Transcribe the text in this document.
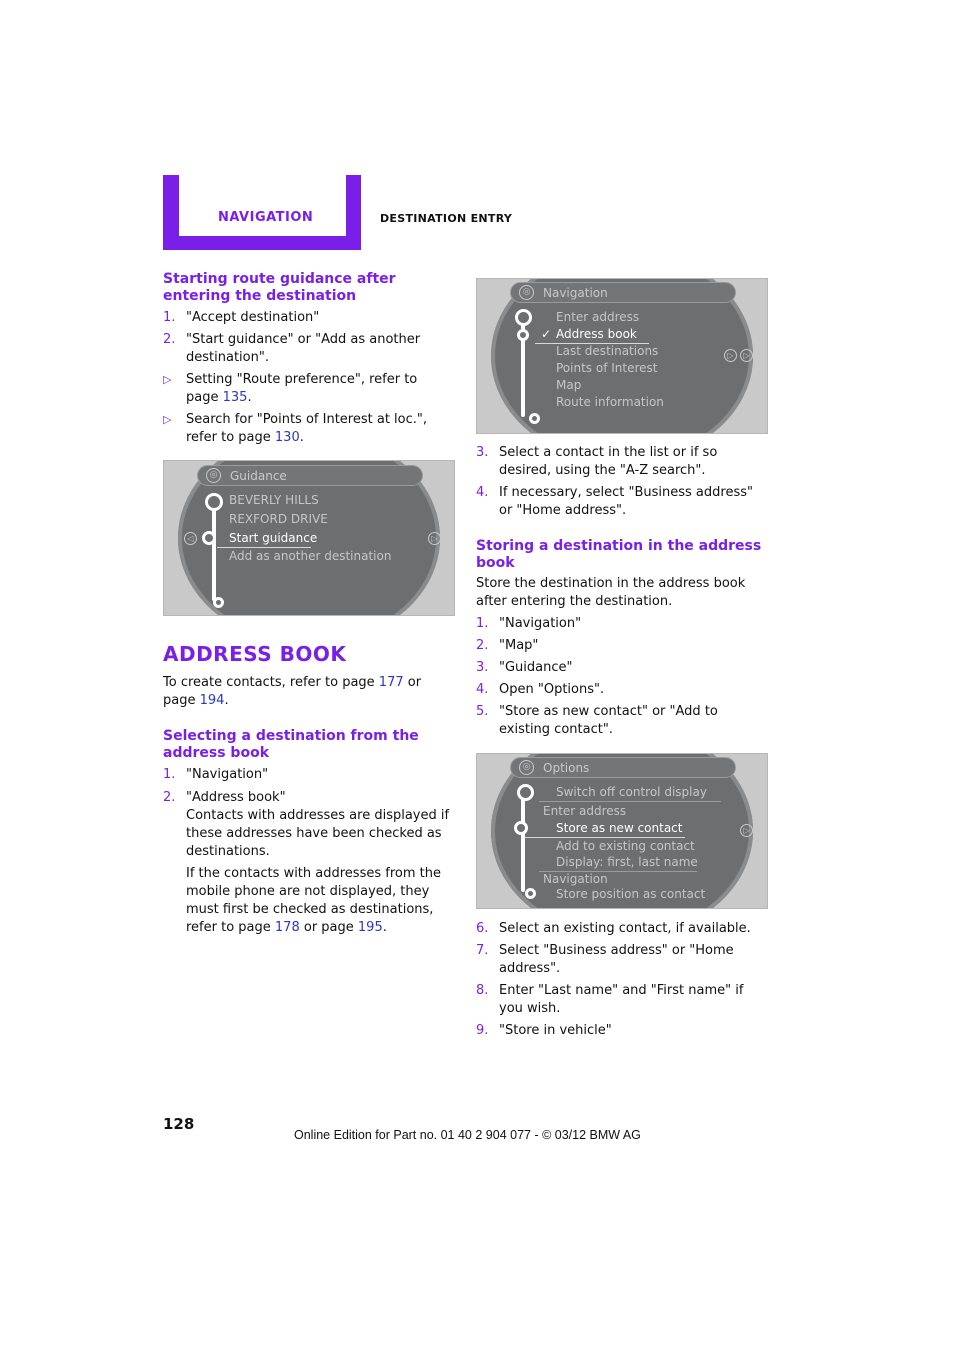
NAVIGATION	DESTINATION ENTRY
Starting route guidance after entering the destination
1. "Accept destination"
2. "Start guidance" or "Add as another destination".
▷ Setting "Route preference", refer to page 135.
▷ Search for "Points of Interest at loc.", refer to page 130.
◎ Guidance
BEVERLY HILLS
REXFORD DRIVE
Start guidance
Add as another destination
◁	▷
ADDRESS BOOK

To create contacts, refer to page 177 or page 194.

Selecting a destination from the address book
1. "Navigation"
2. "Address book"
Contacts with addresses are displayed if these addresses have been checked as destinations.

If the contacts with addresses from the mobile phone are not displayed, they must first be checked as destinations, refer to page 178 or page 195.

◎ Navigation
Enter address
✓ Address book
Last destinations
Points of Interest
Map
Route information
▷	▷
3. Select a contact in the list or if so desired, using the "A-Z search".
4. If necessary, select "Business address" or "Home address".
Storing a destination in the address book

Store the destination in the address book after entering the destination.

1. "Navigation"
2. "Map"
3. "Guidance"
4. Open "Options".
5. "Store as new contact" or "Add to existing contact".
◎ Options
Switch off control display
Enter address
Store as new contact
Add to existing contact
Display: first, last name
Navigation
Store position as contact
▷
6. Select an existing contact, if available.
7. Select "Business address" or "Home address".
8. Enter "Last name" and "First name" if you wish.
9. "Store in vehicle"
128
Online Edition for Part no. 01 40 2 904 077 - © 03/12 BMW AG
